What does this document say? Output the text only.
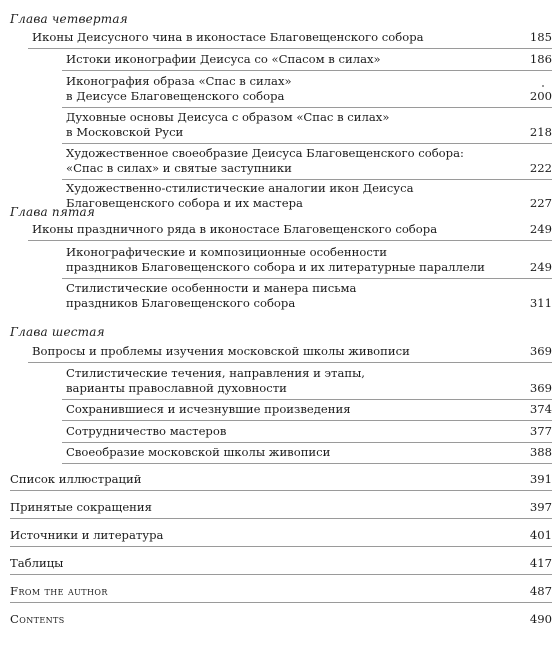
Глава четвертая
Иконы Деисусного чина в иконостасе Благовещенского собора	185
Истоки иконографии Деисуса со «Спасом в силах»	186
Иконография образа «Спас в силах»
в Деисусе Благовещенского собора	200
Духовные основы Деисуса с образом «Спас в силах»
в Московской Руси	218
Художественное своеобразие Деисуса Благовещенского собора:
«Спас в силах» и святые заступники	222
Художественно-стилистические аналогии икон Деисуса
Благовещенского собора и их мастера	227
Глава пятая
Иконы праздничного ряда в иконостасе Благовещенского собора	249
Иконографические и композиционные особенности
праздников Благовещенского собора и их литературные параллели	249
Стилистические особенности и манера письма
праздников Благовещенского собора	311
Глава шестая
Вопросы и проблемы изучения московской школы живописи	369
Стилистические течения, направления и этапы,
варианты православной духовности	369
Сохранившиеся и исчезнувшие произведения	374
Сотрудничество мастеров	377
Своеобразие московской школы живописи	388
Список иллюстраций	391
Принятые сокращения	397
Источники и литература	401
Таблицы	417
From the author	487
Contents	490
